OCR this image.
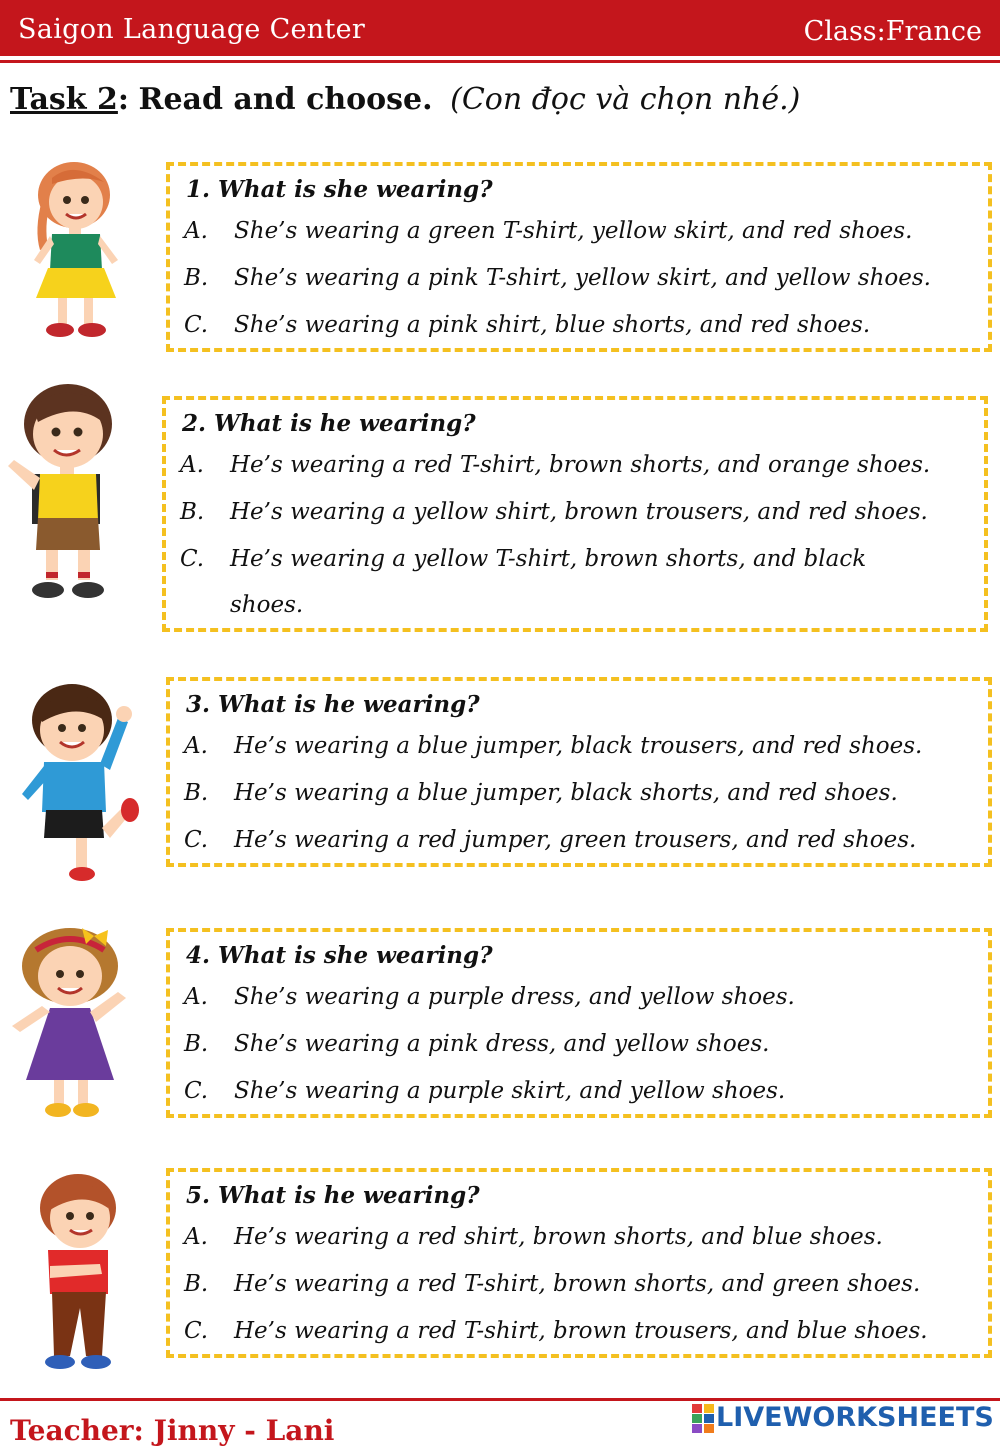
Saigon Language Center	Class:France
Task 2: Read and choose. (Con đọc và chọn nhé.)
1. What is she wearing?
A. She’s wearing a green T-shirt, yellow skirt, and red shoes.
B. She’s wearing a pink T-shirt, yellow skirt, and yellow shoes.
C. She’s wearing a pink shirt, blue shorts, and red shoes.
2. What is he wearing?
A. He’s wearing a red T-shirt, brown shorts, and orange shoes.
B. He’s wearing a yellow shirt, brown trousers, and red shoes.
C. He’s wearing a yellow T-shirt, brown shorts, and black
shoes.
3. What is he wearing?
A. He’s wearing a blue jumper, black trousers, and red shoes.
B. He’s wearing a blue jumper, black shorts, and red shoes.
C. He’s wearing a red jumper, green trousers, and red shoes.
4. What is she wearing?
A. She’s wearing a purple dress, and yellow shoes.
B. She’s wearing a pink dress, and yellow shoes.
C. She’s wearing a purple skirt, and yellow shoes.
5. What is he wearing?
A. He’s wearing a red shirt, brown shorts, and blue shoes.
B. He’s wearing a red T-shirt, brown shorts, and green shoes.
C. He’s wearing a red T-shirt, brown trousers, and blue shoes.
Teacher: Jinny - Lani	LIVEWORKSHEETS
